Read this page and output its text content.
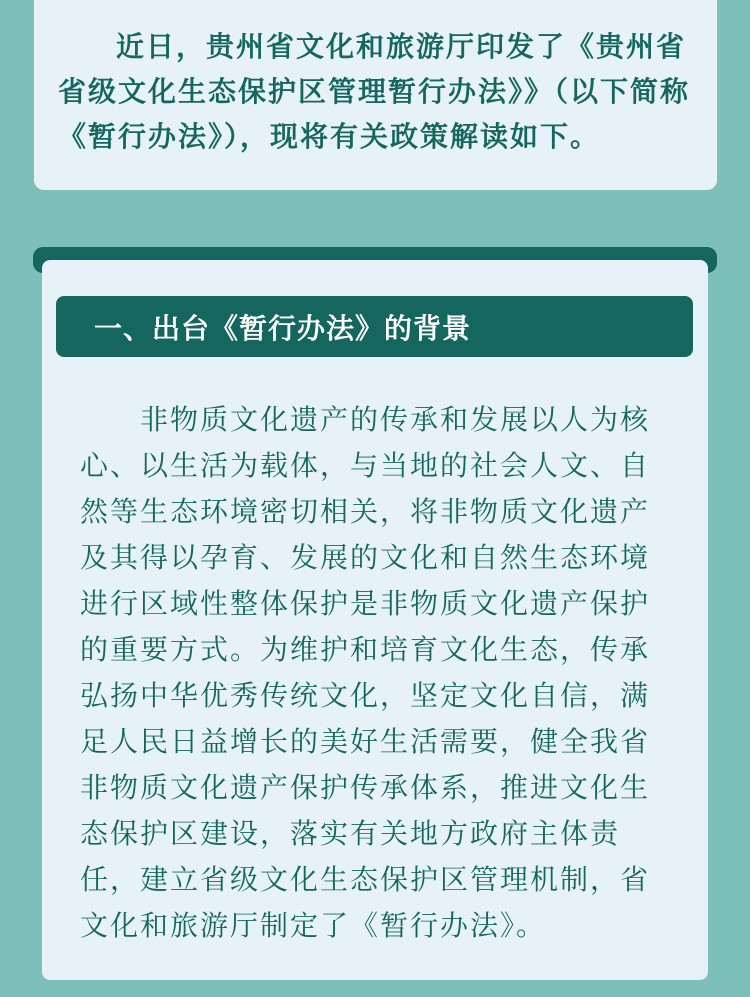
近日，贵州省文化和旅游厅印发了《贵州省省级文化生态保护区管理暂行办法》》（以下简称《暂行办法》），现将有关政策解读如下。

一、出台《暂行办法》的背景

非物质文化遗产的传承和发展以人为核心、以生活为载体，与当地的社会人文、自然等生态环境密切相关，将非物质文化遗产及其得以孕育、发展的文化和自然生态环境进行区域性整体保护是非物质文化遗产保护的重要方式。为维护和培育文化生态，传承弘扬中华优秀传统文化，坚定文化自信，满足人民日益增长的美好生活需要，健全我省非物质文化遗产保护传承体系，推进文化生态保护区建设，落实有关地方政府主体责任，建立省级文化生态保护区管理机制，省文化和旅游厅制定了《暂行办法》。
